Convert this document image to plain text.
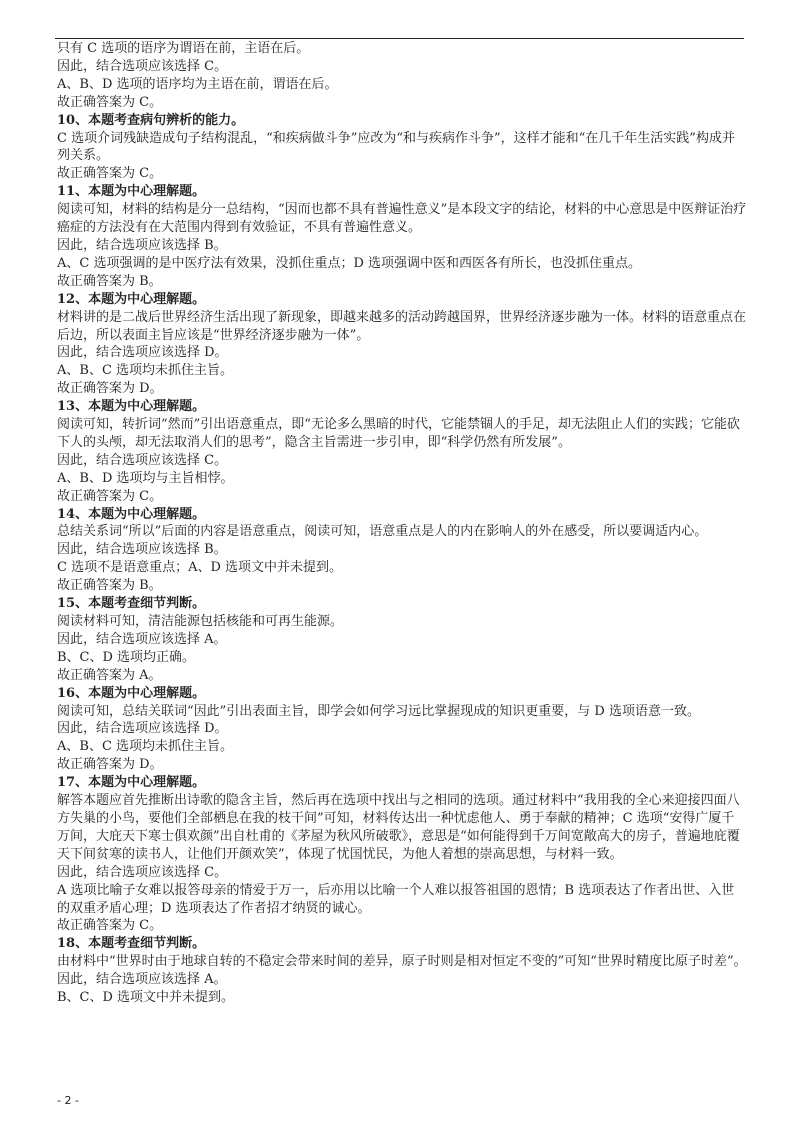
只有 C 选项的语序为谓语在前，主语在后。
因此，结合选项应该选择 C。
A、B、D 选项的语序均为主语在前，谓语在后。
故正确答案为 C。
10、本题考查病句辨析的能力。
C 选项介词残缺造成句子结构混乱，“和疾病做斗争”应改为“和与疾病作斗争”，这样才能和“在几千年生活实践”构成并列关系。
故正确答案为 C。
11、本题为中心理解题。
阅读可知，材料的结构是分一总结构，“因而也都不具有普遍性意义”是本段文字的结论，材料的中心意思是中医辩证治疗癌症的方法没有在大范围内得到有效验证，不具有普遍性意义。
因此，结合选项应该选择 B。
A、C 选项强调的是中医疗法有效果，没抓住重点；D 选项强调中医和西医各有所长，也没抓住重点。
故正确答案为 B。
12、本题为中心理解题。
材料讲的是二战后世界经济生活出现了新现象，即越来越多的活动跨越国界，世界经济逐步融为一体。材料的语意重点在后边，所以表面主旨应该是“世界经济逐步融为一体”。
因此，结合选项应该选择 D。
A、B、C 选项均未抓住主旨。
故正确答案为 D。
13、本题为中心理解题。
阅读可知，转折词“然而”引出语意重点，即“无论多么黑暗的时代，它能禁锢人的手足，却无法阻止人们的实践；它能砍下人的头颅，却无法取消人们的思考”，隐含主旨需进一步引申，即“科学仍然有所发展”。
因此，结合选项应该选择 C。
A、B、D 选项均与主旨相悖。
故正确答案为 C。
14、本题为中心理解题。
总结关系词“所以”后面的内容是语意重点，阅读可知，语意重点是人的内在影响人的外在感受，所以要调适内心。
因此，结合选项应该选择 B。
C 选项不是语意重点；A、D 选项文中并未提到。
故正确答案为 B。
15、本题考查细节判断。
阅读材料可知，清洁能源包括核能和可再生能源。
因此，结合选项应该选择 A。
B、C、D 选项均正确。
故正确答案为 A。
16、本题为中心理解题。
阅读可知，总结关联词“因此”引出表面主旨，即学会如何学习远比掌握现成的知识更重要，与 D 选项语意一致。
因此，结合选项应该选择 D。
A、B、C 选项均未抓住主旨。
故正确答案为 D。
17、本题为中心理解题。
解答本题应首先推断出诗歌的隐含主旨，然后再在选项中找出与之相同的选项。通过材料中“我用我的全心来迎接四面八方失巢的小鸟，要他们全部栖息在我的枝干间”可知，材料传达出一种忧虑他人、勇于奉献的精神；C 选项“安得广厦千万间，大庇天下寒士俱欢颜”出自杜甫的《茅屋为秋风所破歌》，意思是“如何能得到千万间宽敞高大的房子，普遍地庇覆天下间贫寒的读书人，让他们开颜欢笑”，体现了忧国忧民，为他人着想的崇高思想，与材料一致。
因此，结合选项应该选择 C。
A 选项比喻子女难以报答母亲的情爱于万一，后亦用以比喻一个人难以报答祖国的恩情；B 选项表达了作者出世、入世的双重矛盾心理；D 选项表达了作者招才纳贤的诚心。
故正确答案为 C。
18、本题考查细节判断。
由材料中“世界时由于地球自转的不稳定会带来时间的差异，原子时则是相对恒定不变的”可知“世界时精度比原子时差”。
因此，结合选项应该选择 A。
B、C、D 选项文中并未提到。
- 2 -
